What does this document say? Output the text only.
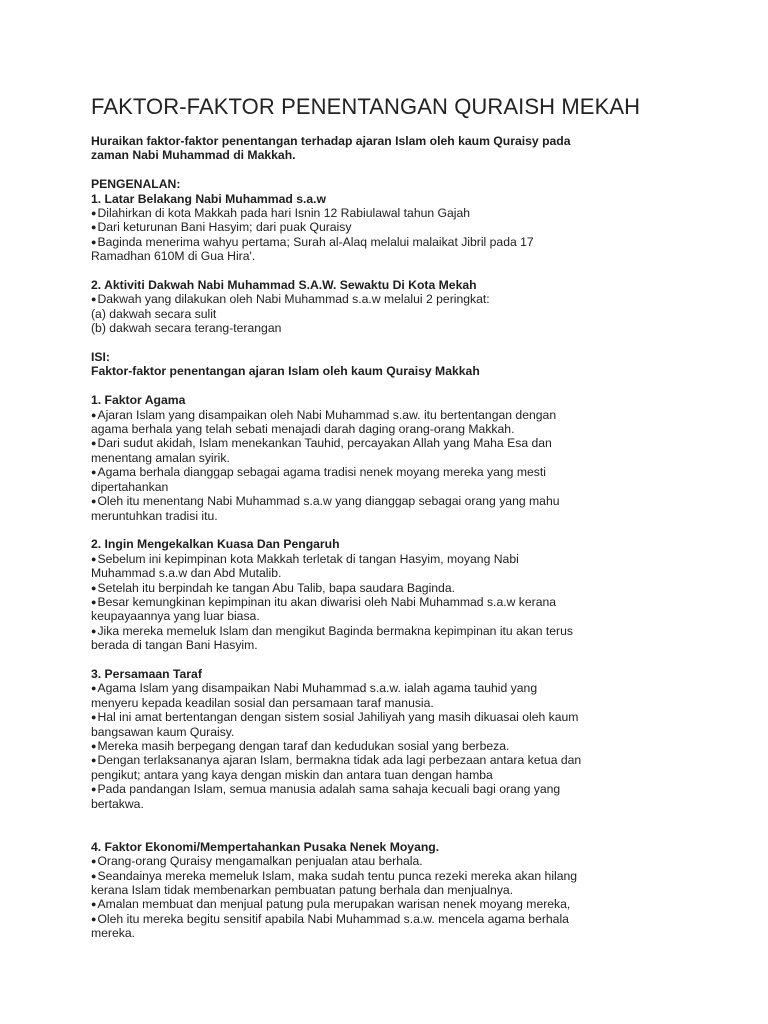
FAKTOR-FAKTOR PENENTANGAN QURAISH MEKAH

Huraikan faktor-faktor penentangan terhadap ajaran Islam oleh kaum Quraisy pada

zaman Nabi Muhammad di Makkah.

PENGENALAN:

1. Latar Belakang Nabi Muhammad s.a.w

● Dilahirkan di kota Makkah pada hari Isnin 12 Rabiulawal tahun Gajah

● Dari keturunan Bani Hasyim; dari puak Quraisy

● Baginda menerima wahyu pertama; Surah al-Alaq melalui malaikat Jibril pada 17

Ramadhan 610M di Gua Hira'.

2. Aktiviti Dakwah Nabi Muhammad S.A.W. Sewaktu Di Kota Mekah

● Dakwah yang dilakukan oleh Nabi Muhammad s.a.w melalui 2 peringkat:

(a) dakwah secara sulit

(b) dakwah secara terang-terangan

ISI:

Faktor-faktor penentangan ajaran Islam oleh kaum Quraisy Makkah

1. Faktor Agama

● Ajaran Islam yang disampaikan oleh Nabi Muhammad s.aw. itu bertentangan dengan

agama berhala yang telah sebati menajadi darah daging orang-orang Makkah.

● Dari sudut akidah, Islam menekankan Tauhid, percayakan Allah yang Maha Esa dan

menentang amalan syirik.

● Agama berhala dianggap sebagai agama tradisi nenek moyang mereka yang mesti

dipertahankan

● Oleh itu menentang Nabi Muhammad s.a.w yang dianggap sebagai orang yang mahu

meruntuhkan tradisi itu.

2. Ingin Mengekalkan Kuasa Dan Pengaruh

● Sebelum ini kepimpinan kota Makkah terletak di tangan Hasyim, moyang Nabi

Muhammad s.a.w dan Abd Mutalib.

● Setelah itu berpindah ke tangan Abu Talib, bapa saudara Baginda.

● Besar kemungkinan kepimpinan itu akan diwarisi oleh Nabi Muhammad s.a.w kerana

keupayaannya yang luar biasa.

● Jika mereka memeluk Islam dan mengikut Baginda bermakna kepimpinan itu akan terus

berada di tangan Bani Hasyim.

3. Persamaan Taraf

● Agama Islam yang disampaikan Nabi Muhammad s.a.w. ialah agama tauhid yang

menyeru kepada keadilan sosial dan persamaan taraf manusia.

● Hal ini amat bertentangan dengan sistem sosial Jahiliyah yang masih dikuasai oleh kaum

bangsawan kaum Quraisy.

● Mereka masih berpegang dengan taraf dan kedudukan sosial yang berbeza.

● Dengan terlaksananya ajaran Islam, bermakna tidak ada lagi perbezaan antara ketua dan

pengikut; antara yang kaya dengan miskin dan antara tuan dengan hamba

● Pada pandangan Islam, semua manusia adalah sama sahaja kecuali bagi orang yang

bertakwa.

4. Faktor Ekonomi/Mempertahankan Pusaka Nenek Moyang.

● Orang-orang Quraisy mengamalkan penjualan atau berhala.

● Seandainya mereka memeluk Islam, maka sudah tentu punca rezeki mereka akan hilang

kerana Islam tidak membenarkan pembuatan patung berhala dan menjualnya.

● Amalan membuat dan menjual patung pula merupakan warisan nenek moyang mereka,

● Oleh itu mereka begitu sensitif apabila Nabi Muhammad s.a.w. mencela agama berhala

mereka.
